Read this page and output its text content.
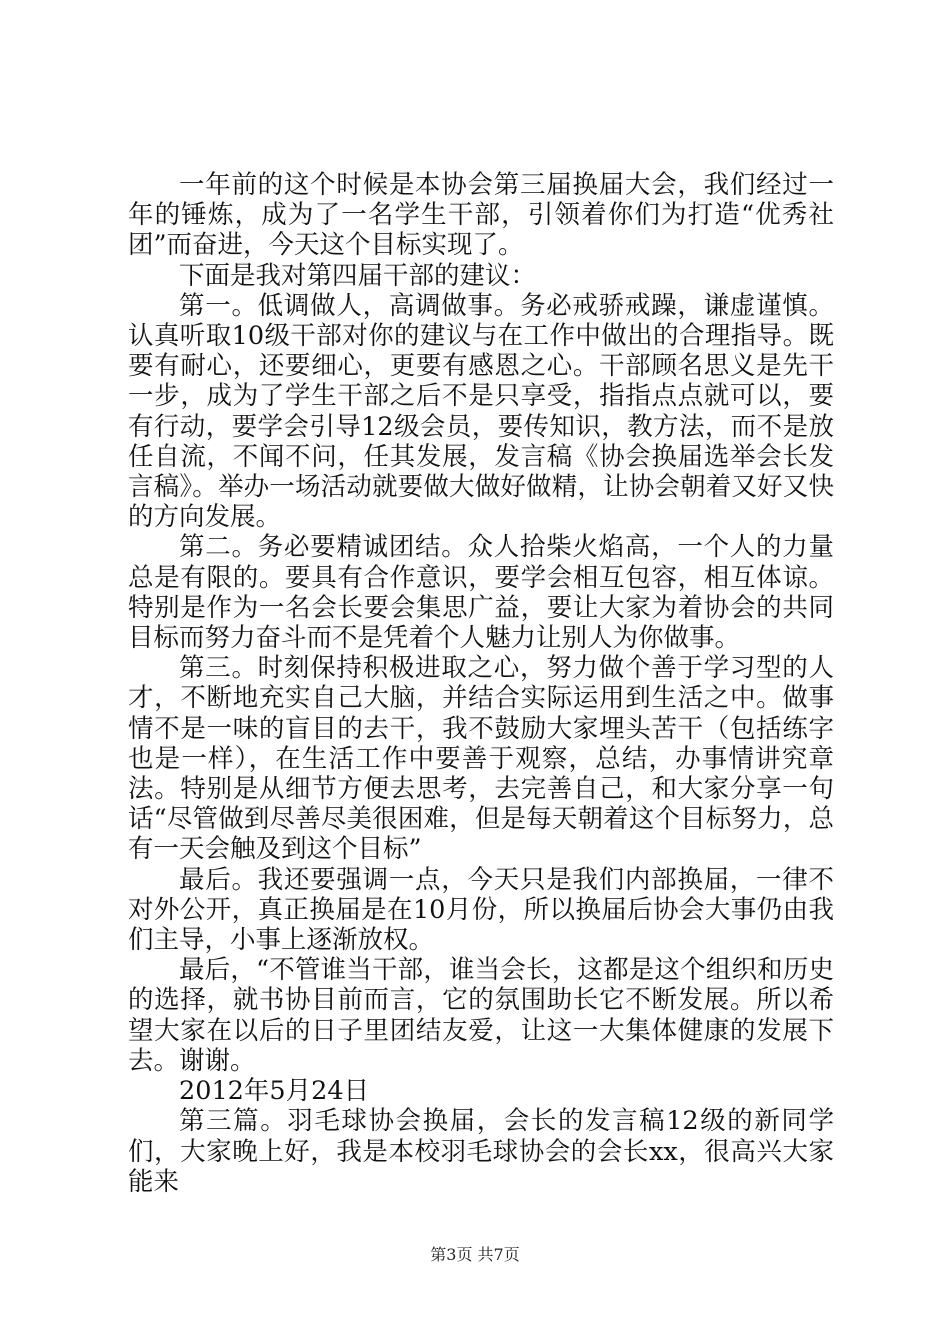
一年前的这个时候是本协会第三届换届大会，我们经过一年的锤炼，成为了一名学生干部，引领着你们为打造“优秀社团”而奋进，今天这个目标实现了。

下面是我对第四届干部的建议：

第一。低调做人，高调做事。务必戒骄戒躁，谦虚谨慎。认真听取10级干部对你的建议与在工作中做出的合理指导。既要有耐心，还要细心，更要有感恩之心。干部顾名思义是先干一步，成为了学生干部之后不是只享受，指指点点就可以，要有行动，要学会引导12级会员，要传知识，教方法，而不是放任自流，不闻不问，任其发展，发言稿《协会换届选举会长发言稿》。举办一场活动就要做大做好做精，让协会朝着又好又快的方向发展。

第二。务必要精诚团结。众人拾柴火焰高，一个人的力量总是有限的。要具有合作意识，要学会相互包容，相互体谅。特别是作为一名会长要会集思广益，要让大家为着协会的共同目标而努力奋斗而不是凭着个人魅力让别人为你做事。

第三。时刻保持积极进取之心，努力做个善于学习型的人才，不断地充实自己大脑，并结合实际运用到生活之中。做事情不是一味的盲目的去干，我不鼓励大家埋头苦干（包括练字也是一样），在生活工作中要善于观察，总结，办事情讲究章法。特别是从细节方便去思考，去完善自己，和大家分享一句话“尽管做到尽善尽美很困难，但是每天朝着这个目标努力，总有一天会触及到这个目标”

最后。我还要强调一点，今天只是我们内部换届，一律不对外公开，真正换届是在10月份，所以换届后协会大事仍由我们主导，小事上逐渐放权。

最后，“不管谁当干部，谁当会长，这都是这个组织和历史的选择，就书协目前而言，它的氛围助长它不断发展。所以希望大家在以后的日子里团结友爱，让这一大集体健康的发展下去。谢谢。

2012年5月24日

第三篇。羽毛球协会换届，会长的发言稿12级的新同学们，大家晚上好，我是本校羽毛球协会的会长xx，很高兴大家能来

第3页 共7页
